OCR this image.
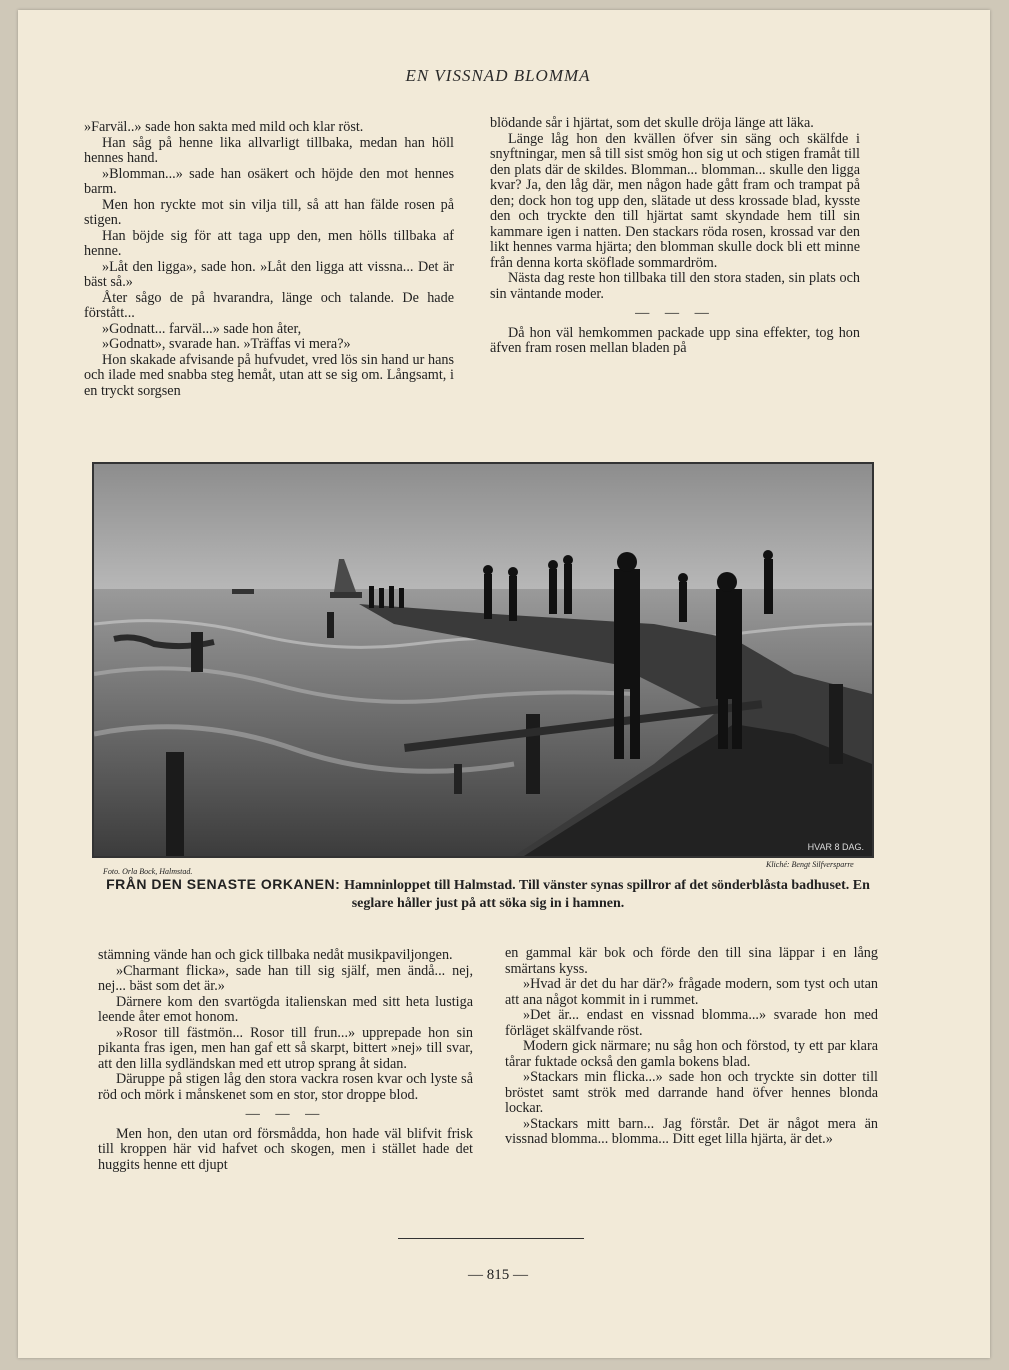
EN VISSNAD BLOMMA

»Farväl..» sade hon sakta med mild och klar röst.

Han såg på henne lika allvarligt tillbaka, medan han höll hennes hand.

»Blomman...» sade han osäkert och höjde den mot hennes barm.

Men hon ryckte mot sin vilja till, så att han fälde rosen på stigen.

Han böjde sig för att taga upp den, men hölls tillbaka af henne.

»Låt den ligga», sade hon. »Låt den ligga att vissna... Det är bäst så.»

Åter sågo de på hvarandra, länge och talande. De hade förstått...

»Godnatt... farväl...» sade hon åter,

»Godnatt», svarade han. »Träffas vi mera?»

Hon skakade afvisande på hufvudet, vred lös sin hand ur hans och ilade med snabba steg hemåt, utan att se sig om. Långsamt, i en tryckt sorgsen

blödande sår i hjärtat, som det skulle dröja länge att läka.

Länge låg hon den kvällen öfver sin säng och skälfde i snyftningar, men så till sist smög hon sig ut och stigen framåt till den plats där de skildes. Blomman... blomman... skulle den ligga kvar? Ja, den låg där, men någon hade gått fram och trampat på den; dock hon tog upp den, slätade ut dess krossade blad, kysste den och tryckte den till hjärtat samt skyndade hem till sin kammare igen i natten. Den stackars röda rosen, krossad var den likt hennes varma hjärta; den blomman skulle dock bli ett minne från denna korta sköflade sommardröm.

Nästa dag reste hon tillbaka till den stora staden, sin plats och sin väntande moder.

— — —

Då hon väl hemkommen packade upp sina effekter, tog hon äfven fram rosen mellan bladen på

HVAR 8 DAG.
Foto. Orla Bock, Halmstad.
Kliché: Bengt Silfversparre
FRÅN DEN SENASTE ORKANEN: Hamninloppet till Halmstad. Till vänster synas spillror af det sönderblåsta badhuset. En seglare håller just på att söka sig in i hamnen.

stämning vände han och gick tillbaka nedåt musikpaviljongen.

»Charmant flicka», sade han till sig själf, men ändå... nej, nej... bäst som det är.»

Därnere kom den svartögda italienskan med sitt heta lustiga leende åter emot honom.

»Rosor till fästmön... Rosor till frun...» upprepade hon sin pikanta fras igen, men han gaf ett så skarpt, bittert »nej» till svar, att den lilla sydländskan med ett utrop sprang åt sidan.

Däruppe på stigen låg den stora vackra rosen kvar och lyste så röd och mörk i månskenet som en stor, stor droppe blod.

— — —

Men hon, den utan ord försmådda, hon hade väl blifvit frisk till kroppen här vid hafvet och skogen, men i stället hade det huggits henne ett djupt

en gammal kär bok och förde den till sina läppar i en lång smärtans kyss.

»Hvad är det du har där?» frågade modern, som tyst och utan att ana något kommit in i rummet.

»Det är... endast en vissnad blomma...» svarade hon med förläget skälfvande röst.

Modern gick närmare; nu såg hon och förstod, ty ett par klara tårar fuktade också den gamla bokens blad.

»Stackars min flicka...» sade hon och tryckte sin dotter till bröstet samt strök med darrande hand öfver hennes blonda lockar.

»Stackars mitt barn... Jag förstår. Det är något mera än vissnad blomma... blomma... Ditt eget lilla hjärta, är det.»

— 815 —
